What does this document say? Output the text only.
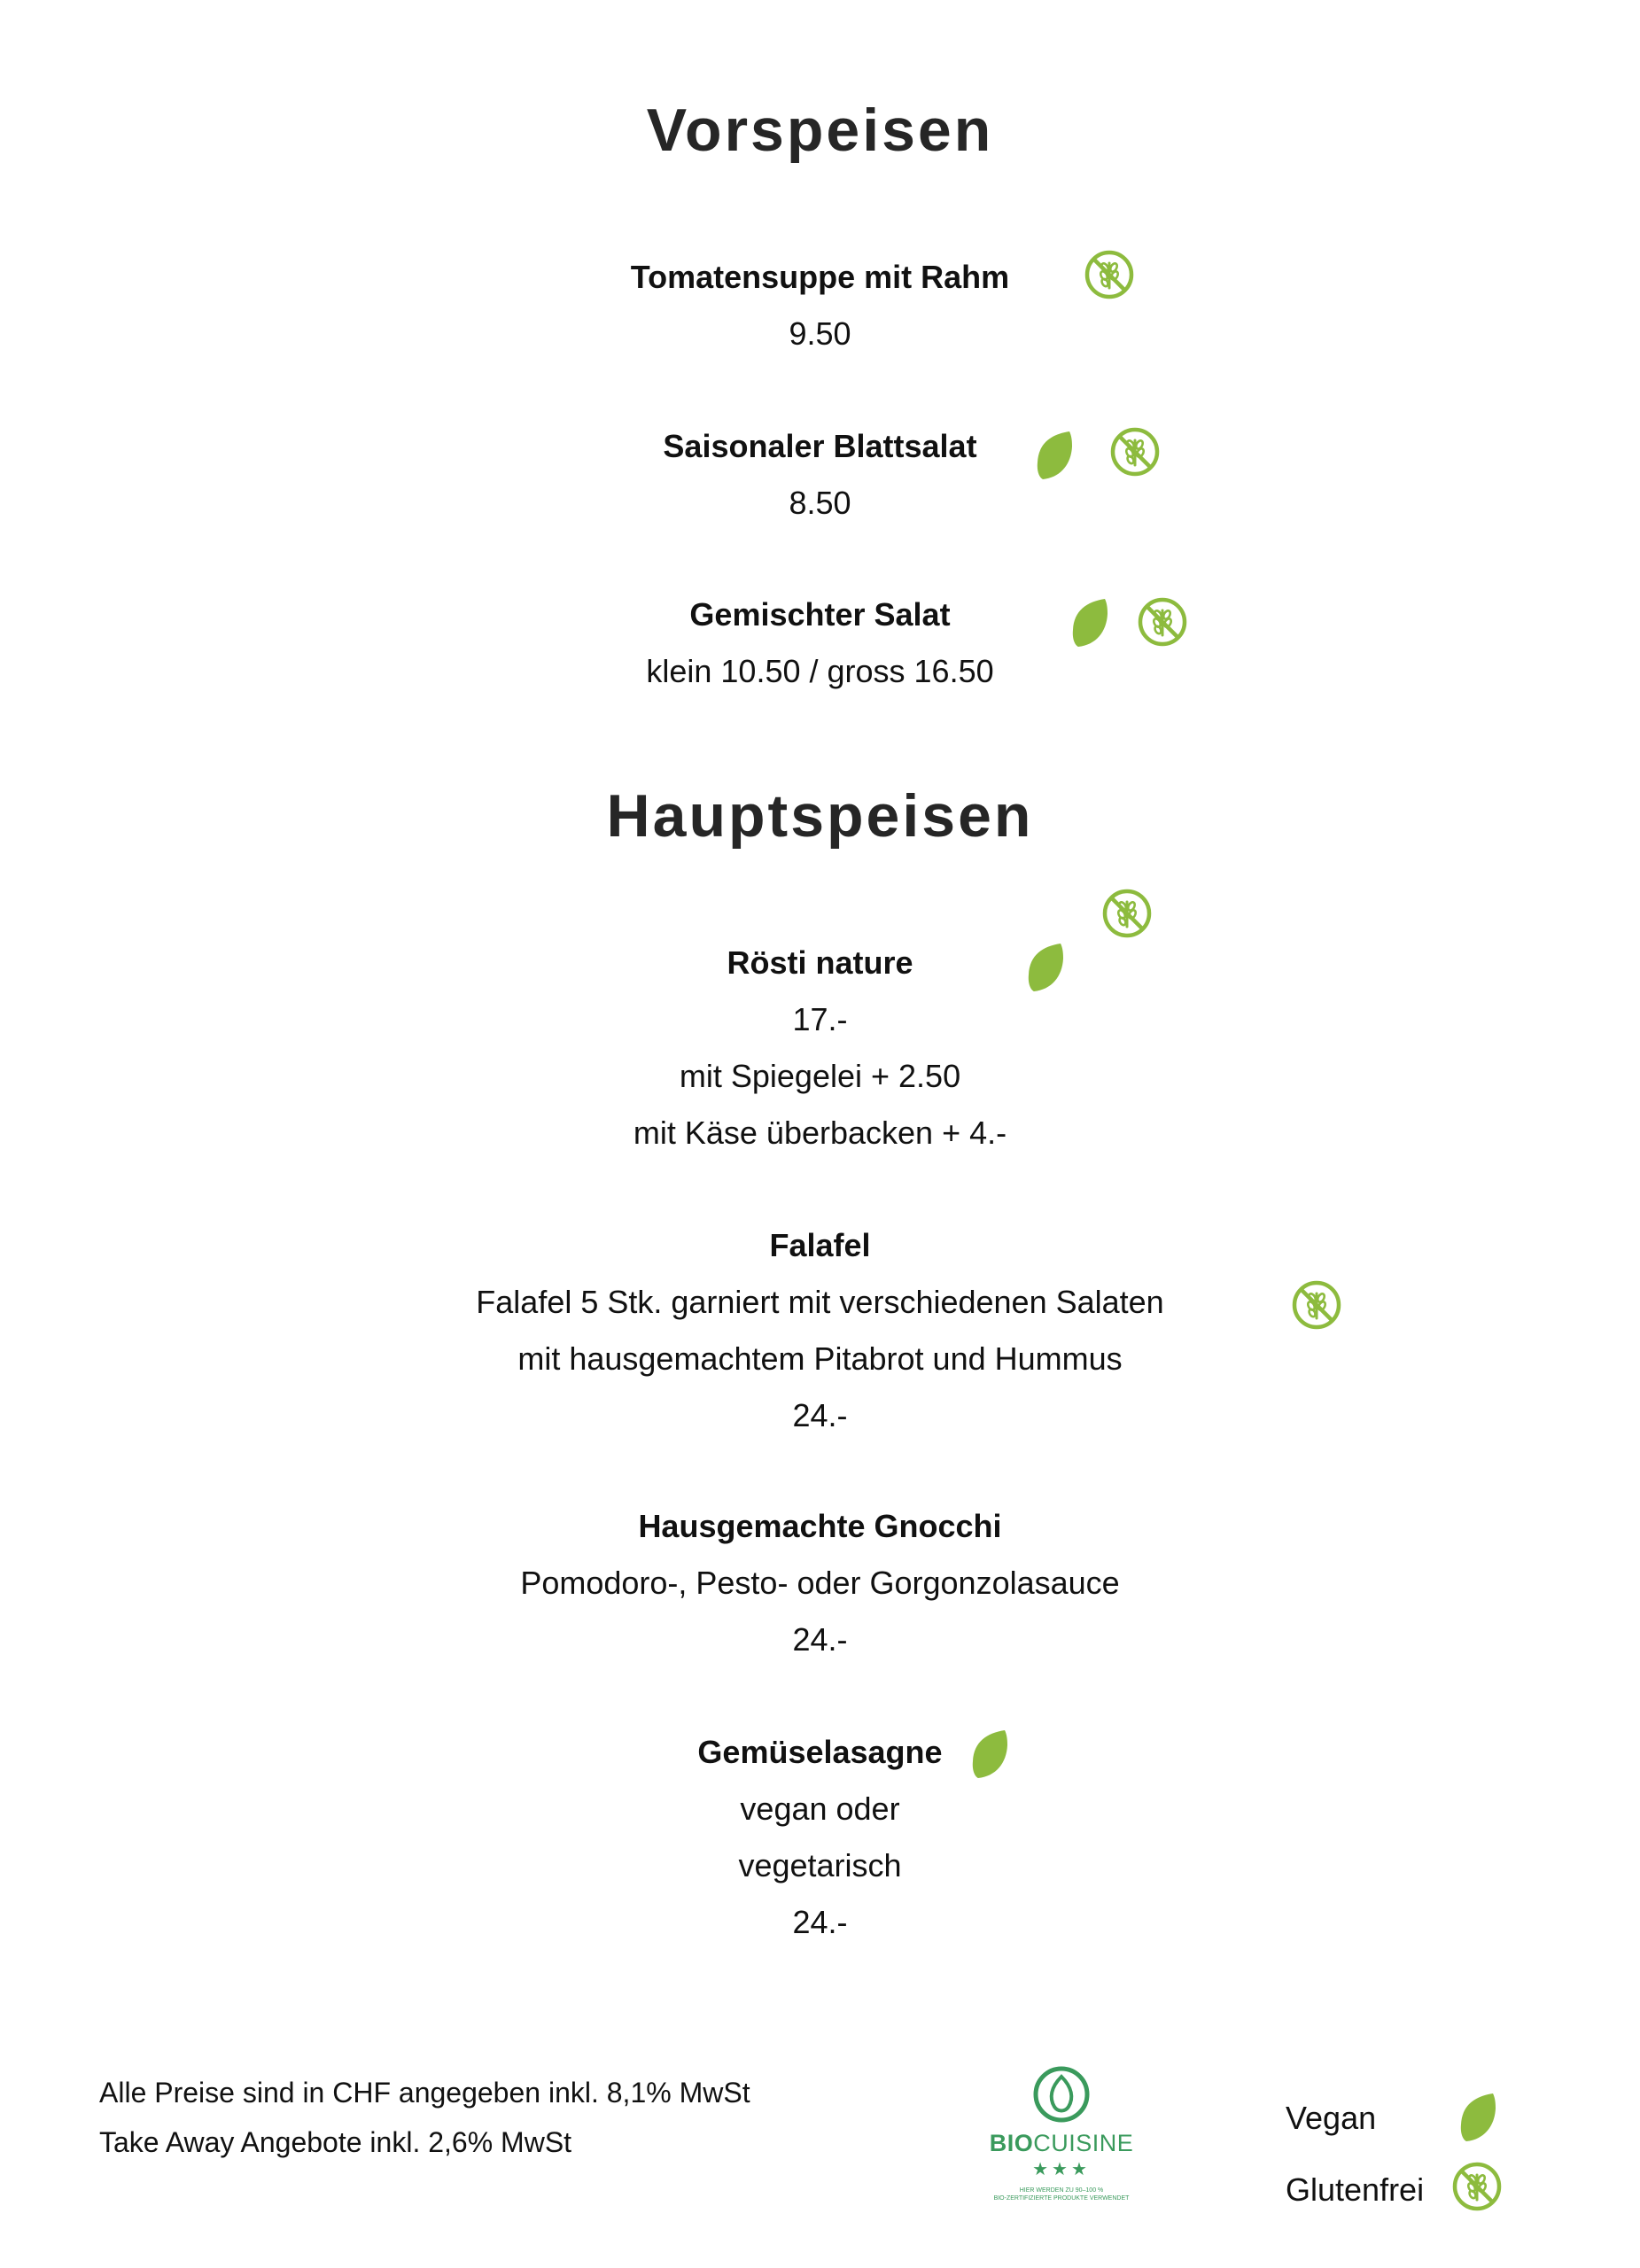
Vorspeisen
Tomatensuppe mit Rahm
9.50
Saisonaler Blattsalat
8.50
Gemischter Salat
klein 10.50 / gross 16.50
Hauptspeisen
Rösti nature
17.-
mit Spiegelei + 2.50
mit Käse überbacken + 4.-
Falafel
Falafel 5 Stk. garniert mit verschiedenen Salaten
mit hausgemachtem Pitabrot und Hummus
24.-
Hausgemachte Gnocchi
Pomodoro-, Pesto- oder Gorgonzolasauce
24.-
Gemüselasagne
vegan oder
vegetarisch
24.-
Alle Preise sind in CHF angegeben inkl. 8,1% MwSt
Take Away Angebote inkl. 2,6% MwSt	BIOCUISINE
★★★
HIER WERDEN ZU 90–100 %
BIO-ZERTIFIZIERTE PRODUKTE VERWENDET
Vegan
Glutenfrei
